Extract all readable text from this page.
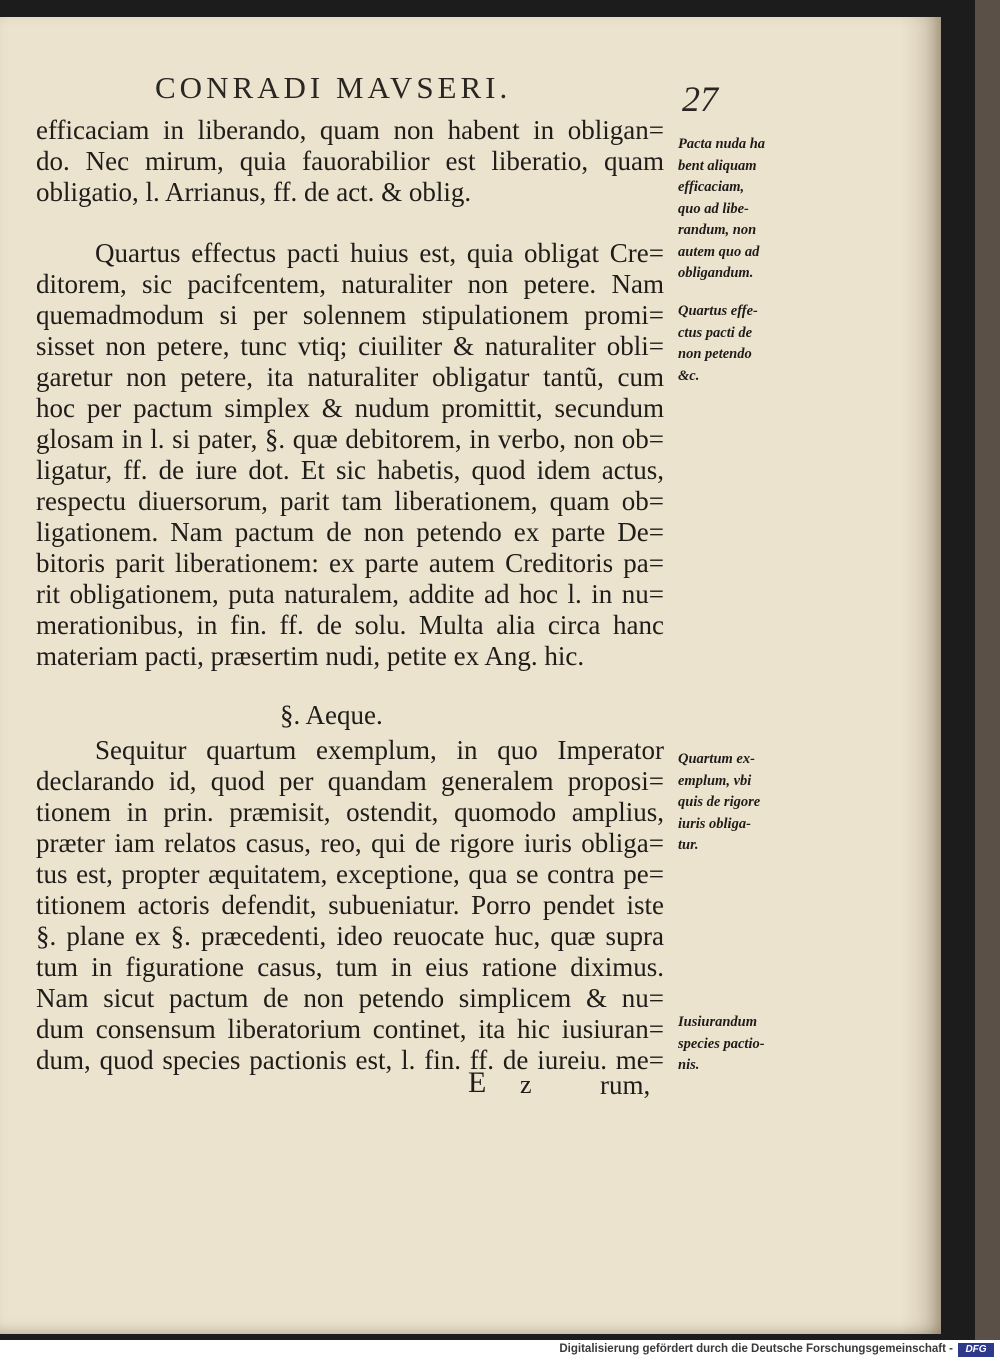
CONRADI MAVSERI.	27
efficaciam in liberando, quam non habent in obligan=
do. Nec mirum, quia fauorabilior est liberatio, quam
obligatio, l. Arrianus, ff. de act. & oblig.
Quartus effectus pacti huius est, quia obligat Cre=
ditorem, sic pacifcentem, naturaliter non petere. Nam
quemadmodum si per solennem stipulationem promi=
sisset non petere, tunc vtiq; ciuiliter & naturaliter obli=
garetur non petere, ita naturaliter obligatur tantũ, cum
hoc per pactum simplex & nudum promittit, secundum
glosam in l. si pater, §. quæ debitorem, in verbo, non ob=
ligatur, ff. de iure dot. Et sic habetis, quod idem actus,
respectu diuersorum, parit tam liberationem, quam ob=
ligationem. Nam pactum de non petendo ex parte De=
bitoris parit liberationem: ex parte autem Creditoris pa=
rit obligationem, puta naturalem, addite ad hoc l. in nu=
merationibus, in fin. ff. de solu. Multa alia circa hanc
materiam pacti, præsertim nudi, petite ex Ang. hic.
§. Aeque.
Sequitur quartum exemplum, in quo Imperator
declarando id, quod per quandam generalem proposi=
tionem in prin. præmisit, ostendit, quomodo amplius,
præter iam relatos casus, reo, qui de rigore iuris obliga=
tus est, propter æquitatem, exceptione, qua se contra pe=
titionem actoris defendit, subueniatur. Porro pendet iste
§. plane ex §. præcedenti, ideo reuocate huc, quæ supra
tum in figuratione casus, tum in eius ratione diximus.
Nam sicut pactum de non petendo simplicem & nu=
dum consensum liberatorium continet, ita hic iusiuran=
dum, quod species pactionis est, l. fin. ff. de iureiu. me=
E z	rum,
Pacta nuda ha
bent aliquam
efficaciam,
quo ad libe-
randum, non
autem quo ad
obligandum.
Quartus effe-
ctus pacti de
non petendo
&c.
Quartum ex-
emplum, vbi
quis de rigore
iuris obliga-
tur.
Iusiurandum
species pactio-
nis.
Digitalisierung gefördert durch die Deutsche Forschungsgemeinschaft -	DFG
